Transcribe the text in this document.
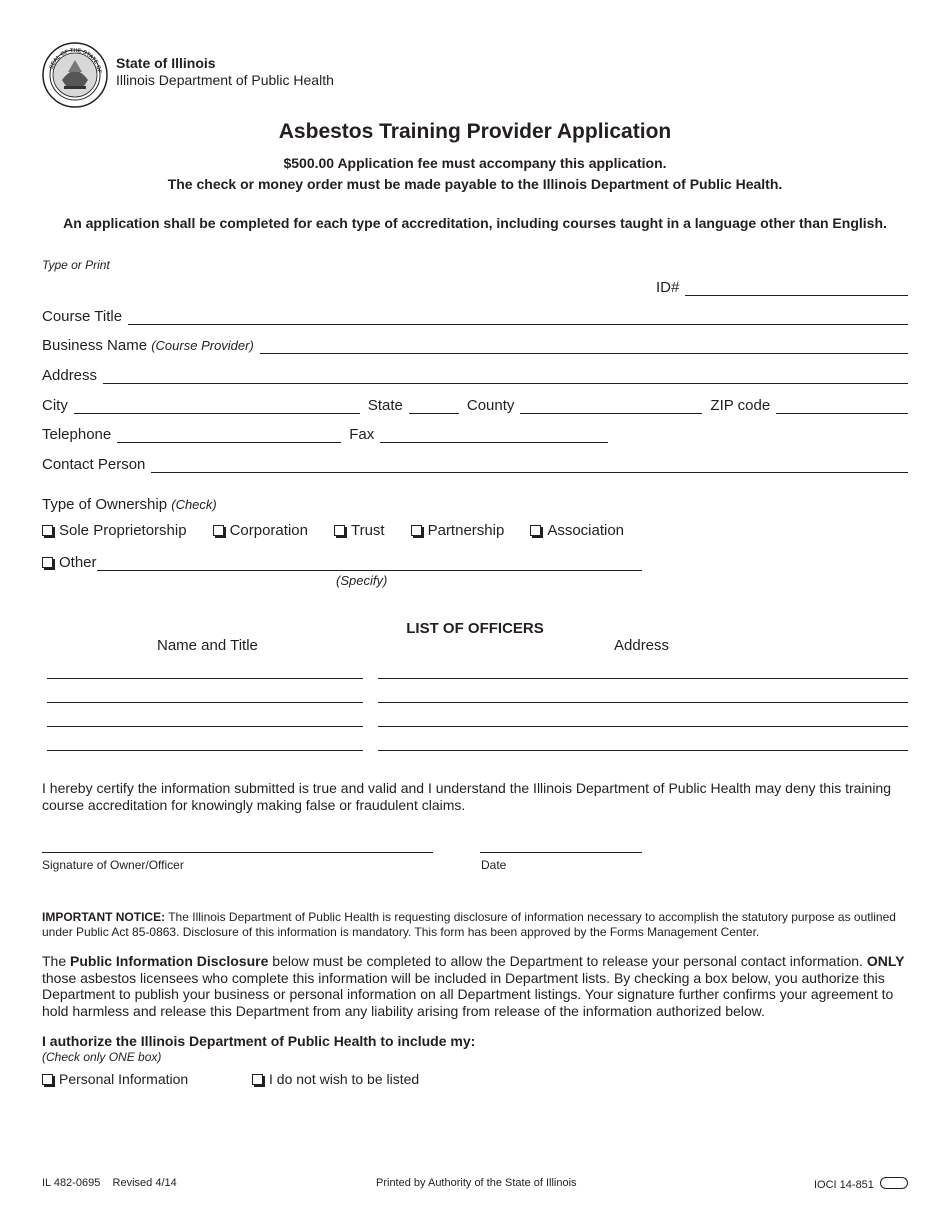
SEAL OF THE STATE OF
State of Illinois
Illinois Department of Public Health
Asbestos Training Provider Application
$500.00 Application fee must accompany this application.
The check or money order must be made payable to the Illinois Department of Public Health.
An application shall be completed for each type of accreditation, including courses taught in a language other than English.
Type or Print
ID#
Course Title
Business Name (Course Provider)
Address
City	State	County	ZIP code
Telephone	Fax
Contact Person
Type of Ownership (Check)
Sole Proprietorship	Corporation	Trust	Partnership	Association
Other
(Specify)
LIST OF OFFICERS
Name and Title	Address
I hereby certify the information submitted is true and valid and I understand the Illinois Department of Public Health may deny this training course accreditation for knowingly making false or fraudulent claims.
Signature of Owner/Officer	Date
IMPORTANT NOTICE: The Illinois Department of Public Health is requesting disclosure of information necessary to accomplish the statutory purpose as outlined under Public Act 85-0863. Disclosure of this information is mandatory. This form has been approved by the Forms Management Center.
The Public Information Disclosure below must be completed to allow the Department to release your personal contact information. ONLY those asbestos licensees who complete this information will be included in Department lists. By checking a box below, you authorize this Department to publish your business or personal information on all Department listings. Your signature further confirms your agreement to hold harmless and release this Department from any liability arising from release of the information authorized below.
I authorize the Illinois Department of Public Health to include my:
(Check only ONE box)
Personal Information	I do not wish to be listed
IL 482-0695 Revised 4/14	Printed by Authority of the State of Illinois	IOCI 14-851
